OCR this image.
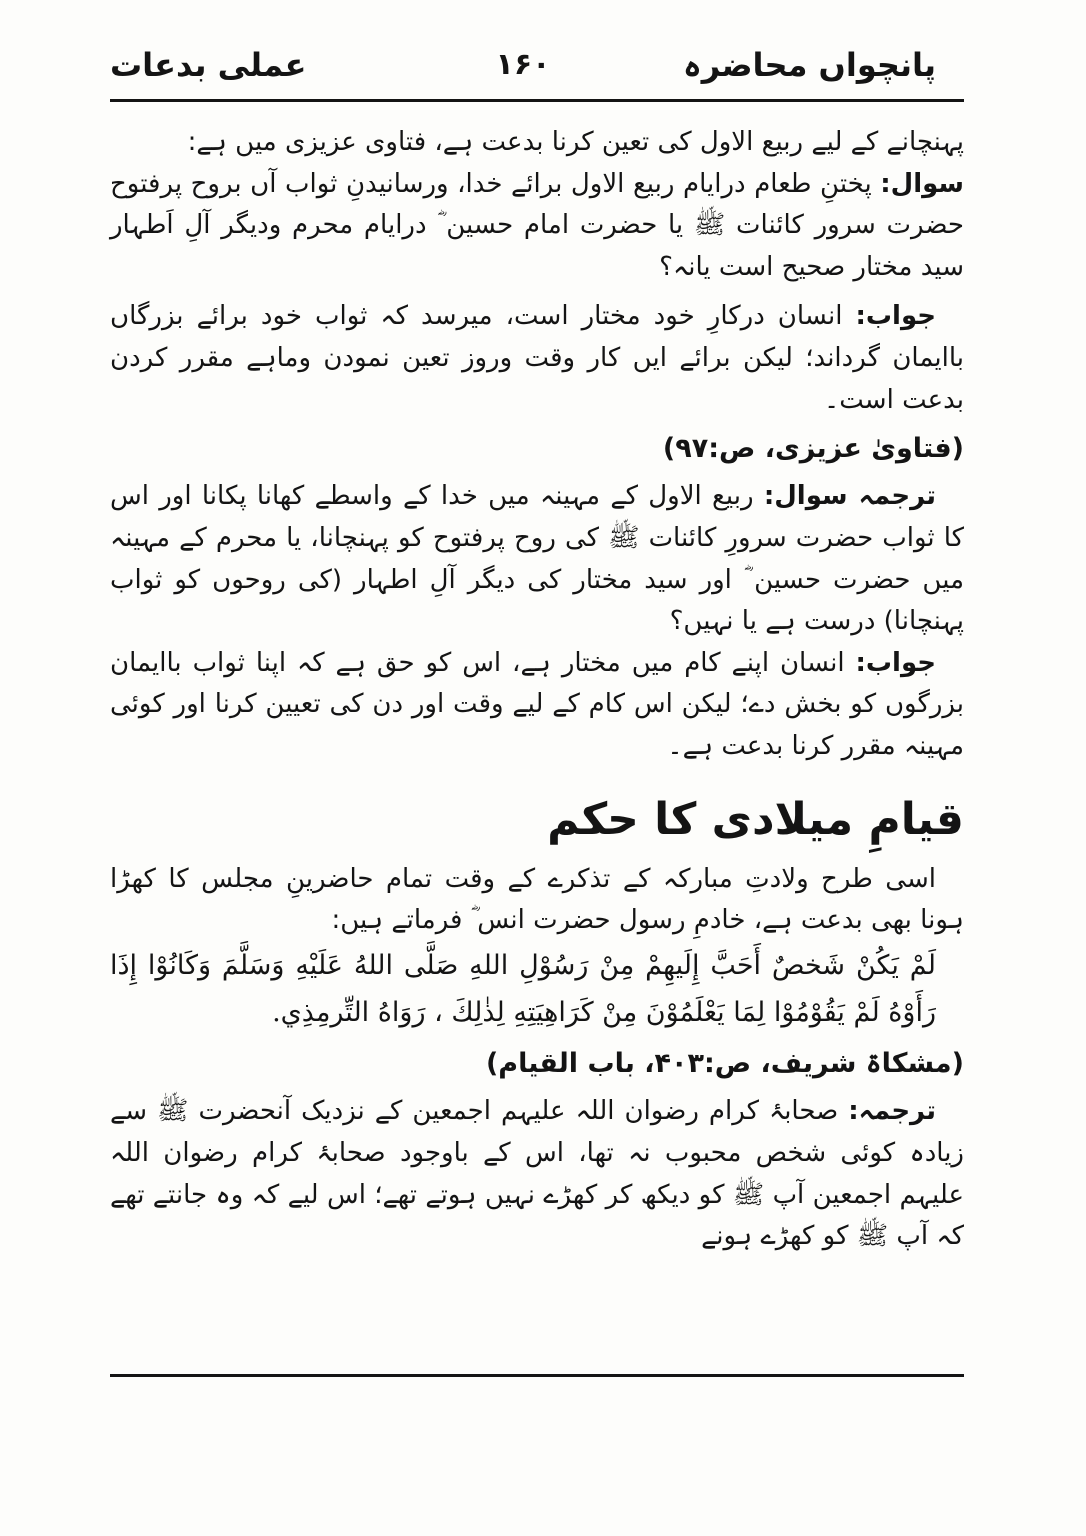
پانچواں محاضرہ
۱۶۰
عملی بدعات

پہنچانے کے لیے ربیع الاول کی تعین کرنا بدعت ہے، فتاوی عزیزی میں ہے:

سوال: پختنِ طعام درایام ربیع الاول برائے خدا، ورسانیدنِ ثواب آں بروح پرفتوح حضرت سرور کائنات ﷺ یا حضرت امام حسین ؓ درایام محرم ودیگر آلِ اَطہار سید مختار صحیح است یانہ؟

جواب: انسان درکارِ خود مختار است، میرسد کہ ثواب خود برائے بزرگاں باایمان گرداند؛ لیکن برائے ایں کار وقت وروز تعین نمودن وماہے مقرر کردن بدعت است۔

(فتاویٰ عزیزی، ص:۹۷)

ترجمہ سوال: ربیع الاول کے مہینہ میں خدا کے واسطے کھانا پکانا اور اس کا ثواب حضرت سرورِ کائنات ﷺ کی روح پرفتوح کو پہنچانا، یا محرم کے مہینہ میں حضرت حسین ؓ اور سید مختار کی دیگر آلِ اطہار (کی روحوں کو ثواب پہنچانا) درست ہے یا نہیں؟

جواب: انسان اپنے کام میں مختار ہے، اس کو حق ہے کہ اپنا ثواب باایمان بزرگوں کو بخش دے؛ لیکن اس کام کے لیے وقت اور دن کی تعیین کرنا اور کوئی مہینہ مقرر کرنا بدعت ہے۔

قیامِ میلادی کا حکم

اسی طرح ولادتِ مبارکہ کے تذکرے کے وقت تمام حاضرینِ مجلس کا کھڑا ہونا بھی بدعت ہے، خادمِ رسول حضرت انس ؓ فرماتے ہیں:

لَمْ يَكُنْ شَخصٌ أَحَبَّ إِلَيهِمْ مِنْ رَسُوْلِ اللهِ صَلَّى اللهُ عَلَيْهِ وَسَلَّمَ وَكَانُوْا إِذَا رَأَوْهُ لَمْ يَقُوْمُوْا لِمَا يَعْلَمُوْنَ مِنْ كَرَاهِيَتِهِ لِذٰلِكَ ، رَوَاهُ التِّرمِذِي.

(مشکاۃ شریف، ص:۴۰۳، باب القیام)

ترجمہ: صحابۂ کرام رضوان اللہ علیہم اجمعین کے نزدیک آنحضرت ﷺ سے زیادہ کوئی شخص محبوب نہ تھا، اس کے باوجود صحابۂ کرام رضوان اللہ علیہم اجمعین آپ ﷺ کو دیکھ کر کھڑے نہیں ہوتے تھے؛ اس لیے کہ وہ جانتے تھے کہ آپ ﷺ کو کھڑے ہونے
